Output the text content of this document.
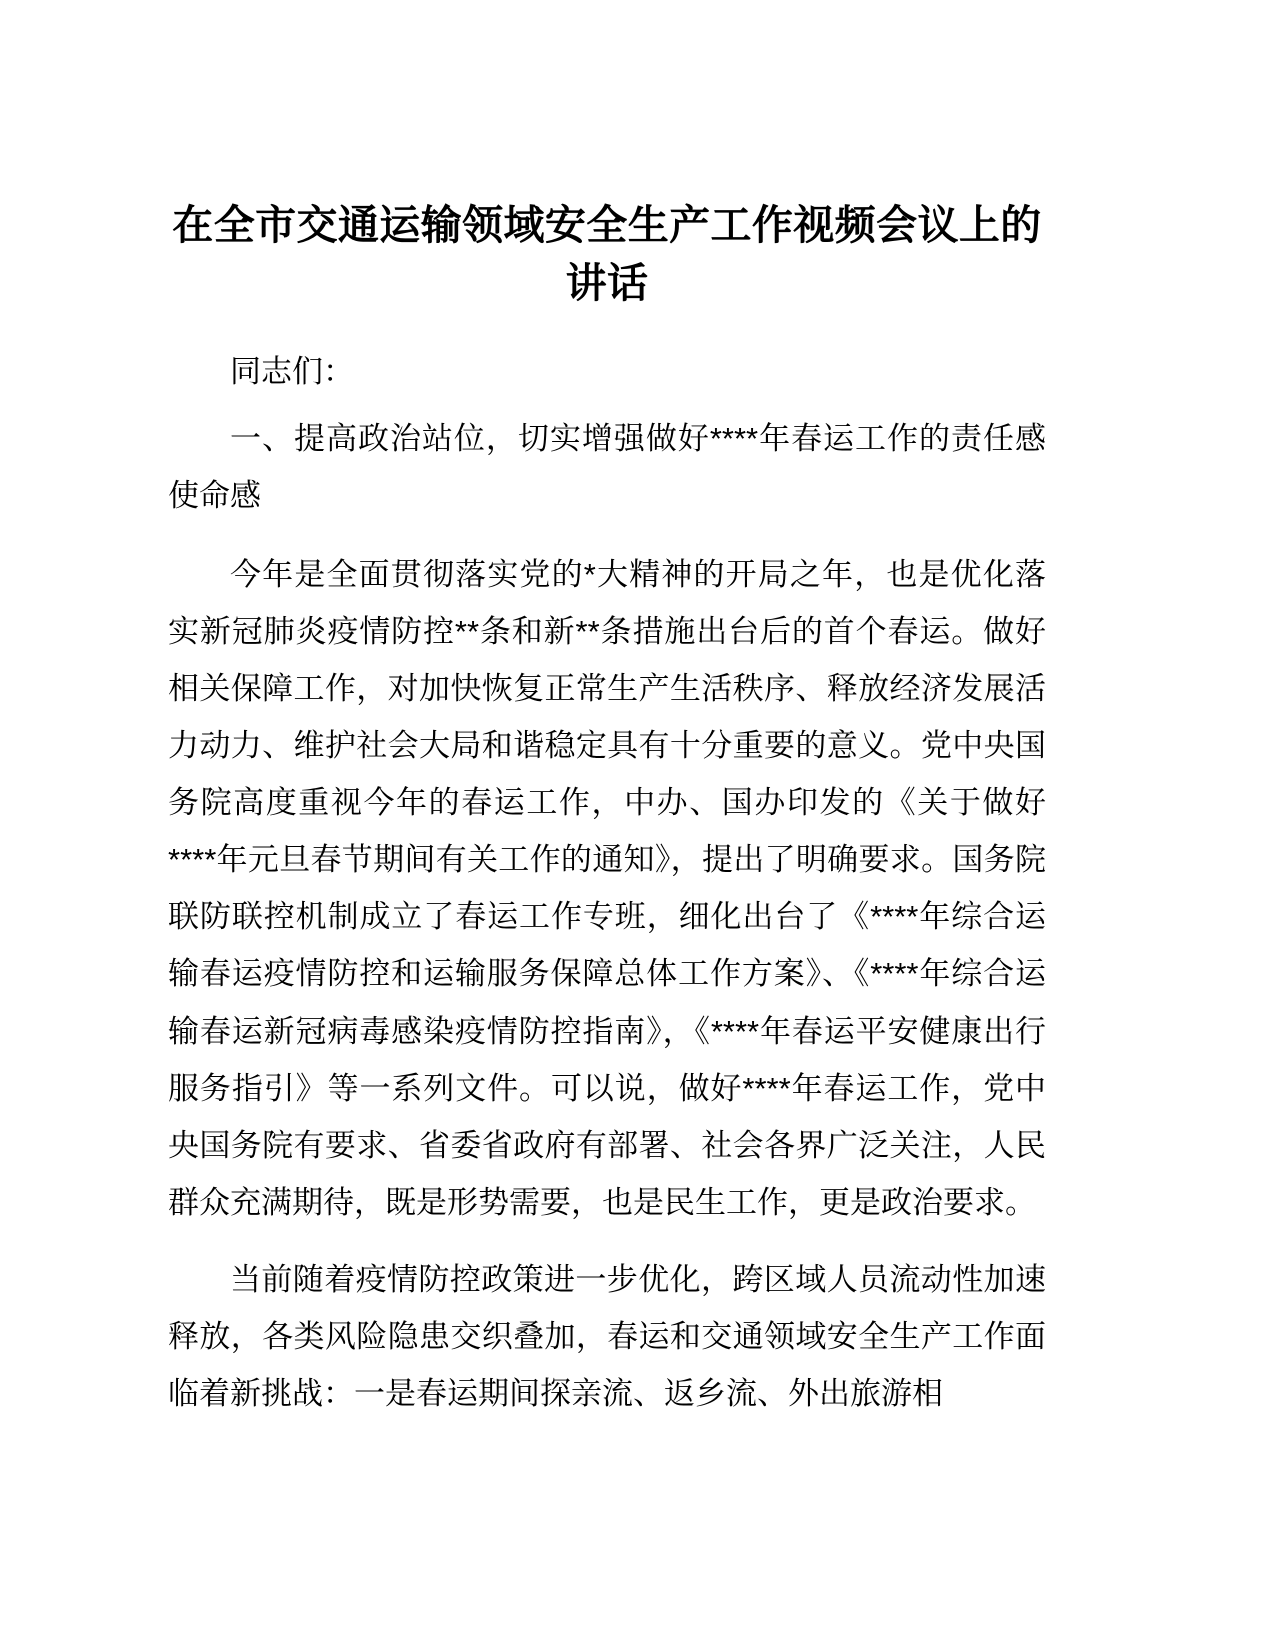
在全市交通运输领域安全生产工作视频会议上的讲话

同志们：

一、提高政治站位，切实增强做好****年春运工作的责任感使命感

今年是全面贯彻落实党的*大精神的开局之年，也是优化落实新冠肺炎疫情防控**条和新**条措施出台后的首个春运。做好相关保障工作，对加快恢复正常生产生活秩序、释放经济发展活力动力、维护社会大局和谐稳定具有十分重要的意义。党中央国务院高度重视今年的春运工作，中办、国办印发的《关于做好****年元旦春节期间有关工作的通知》，提出了明确要求。国务院联防联控机制成立了春运工作专班，细化出台了《****年综合运输春运疫情防控和运输服务保障总体工作方案》、《****年综合运输春运新冠病毒感染疫情防控指南》，《****年春运平安健康出行服务指引》等一系列文件。可以说，做好****年春运工作，党中央国务院有要求、省委省政府有部署、社会各界广泛关注，人民群众充满期待，既是形势需要，也是民生工作，更是政治要求。

当前随着疫情防控政策进一步优化，跨区域人员流动性加速释放，各类风险隐患交织叠加，春运和交通领域安全生产工作面临着新挑战：一是春运期间探亲流、返乡流、外出旅游相
